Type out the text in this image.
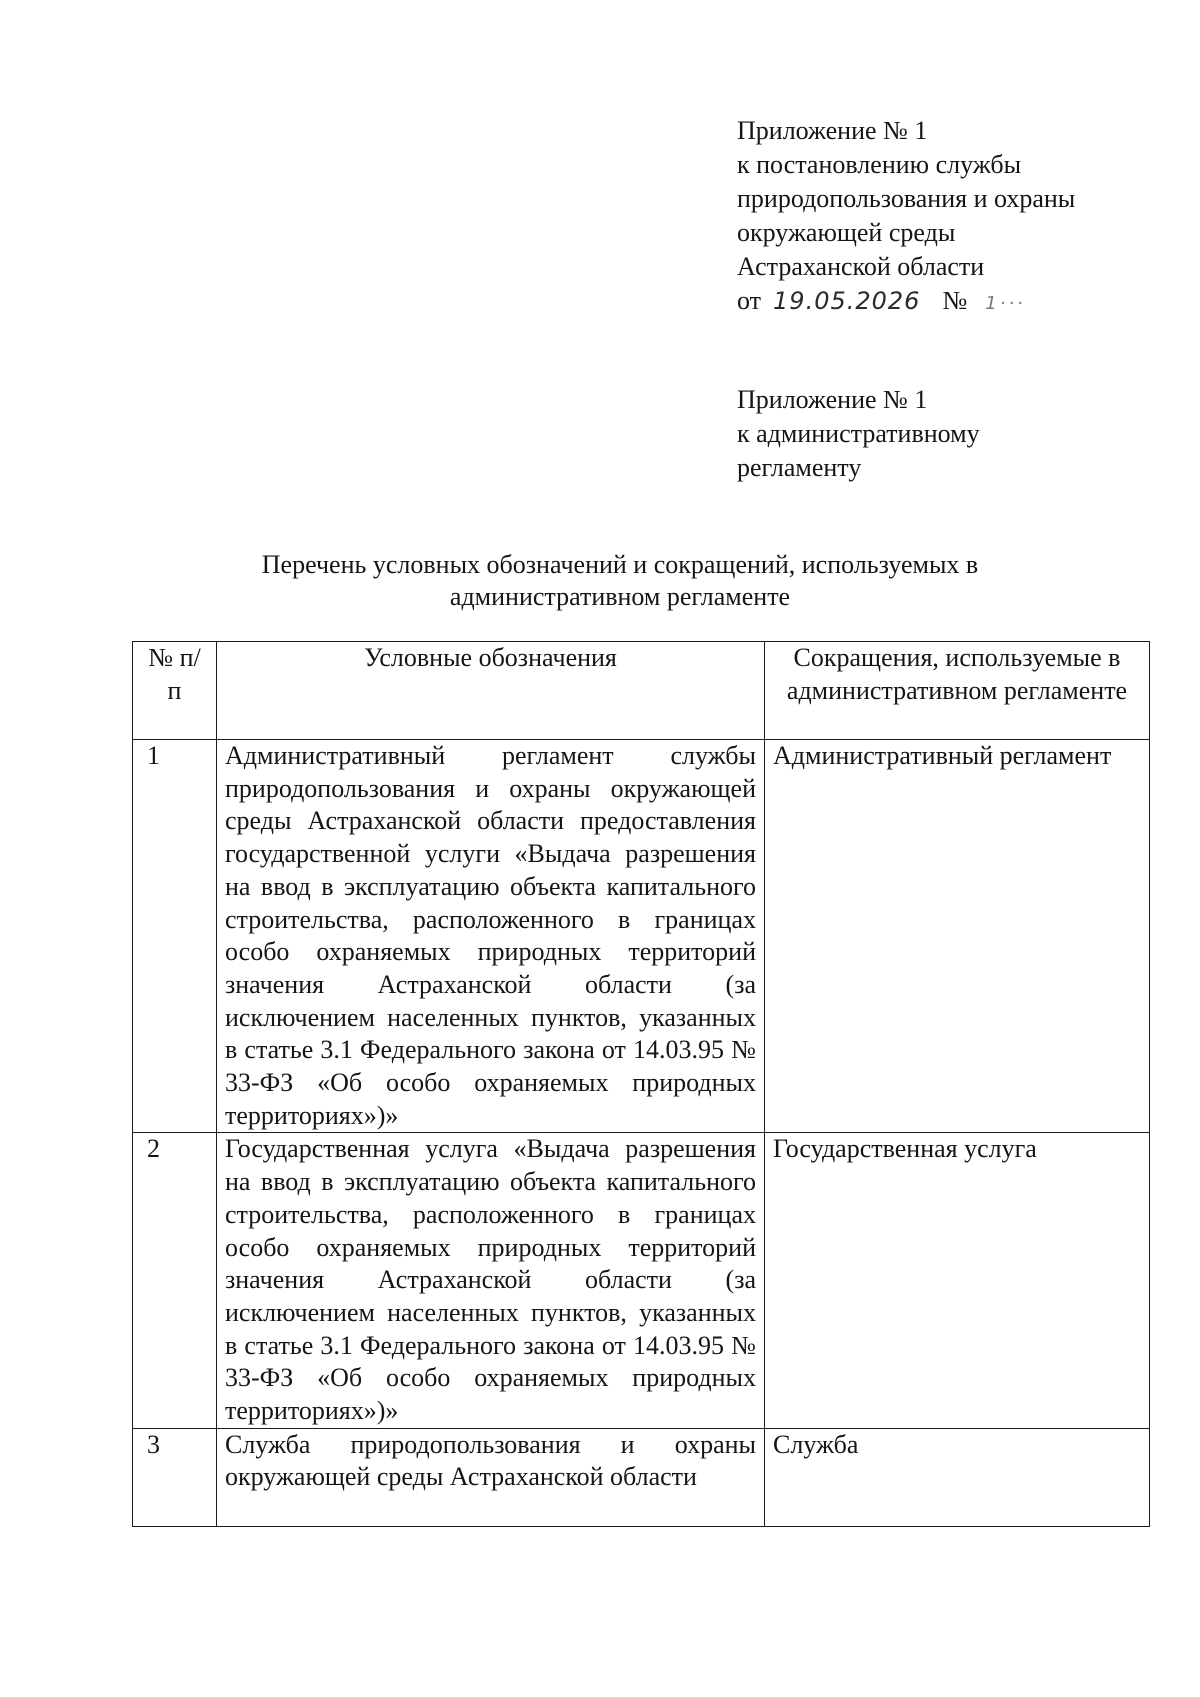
Приложение № 1

к постановлению службы

природопользования и охраны

окружающей среды

Астраханской области

от 19.05.2026 № 1···

Приложение № 1

к административному

регламенту

Перечень условных обозначений и сокращений, используемых в

административном регламенте

№ п/п	Условные обозначения	Сокращения, используемые в административном регламенте
1	Административный регламент службы природопользования и охраны окружающей среды Астраханской области предоставления государственной услуги «Выдача разрешения на ввод в эксплуатацию объекта капитального строительства, расположенного в границах особо охраняемых природных территорий значения Астраханской области (за исключением населенных пунктов, указанных в статье 3.1 Федерального закона от 14.03.95 № 33-ФЗ «Об особо охраняемых природных территориях»)»	Административный регламент
2	Государственная услуга «Выдача разрешения на ввод в эксплуатацию объекта капитального строительства, расположенного в границах особо охраняемых природных территорий значения Астраханской области (за исключением населенных пунктов, указанных в статье 3.1 Федерального закона от 14.03.95 № 33-ФЗ «Об особо охраняемых природных территориях»)»	Государственная услуга
3	Служба природопользования и охраны окружающей среды Астраханской области	Служба
